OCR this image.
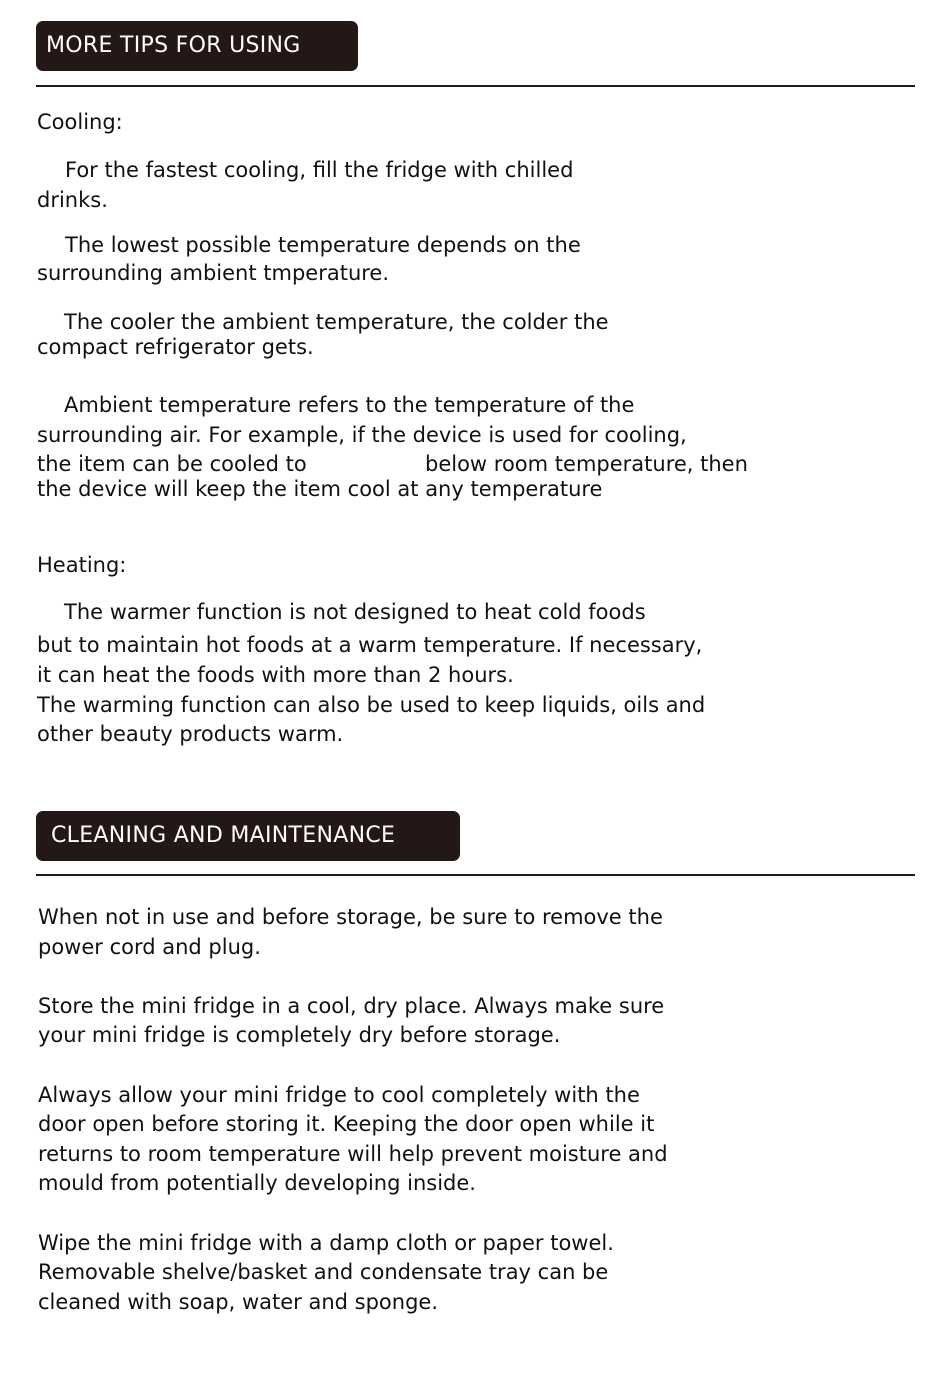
MORE TIPS FOR USING

Cooling:

For the fastest cooling, fill the fridge with chilled

drinks.

The lowest possible temperature depends on the

surrounding ambient tmperature.

The cooler the ambient temperature, the colder the

compact refrigerator gets.

Ambient temperature refers to the temperature of the

surrounding air. For example, if the device is used for cooling,

the item can be cooled to	below room temperature, then

the device will keep the item cool at any temperature

Heating:

The warmer function is not designed to heat cold foods

but to maintain hot foods at a warm temperature. If necessary,

it can heat the foods with more than 2 hours.

The warming function can also be used to keep liquids, oils and

other beauty products warm.

CLEANING AND MAINTENANCE

When not in use and before storage, be sure to remove the

power cord and plug.

Store the mini fridge in a cool, dry place. Always make sure

your mini fridge is completely dry before storage.

Always allow your mini fridge to cool completely with the

door open before storing it. Keeping the door open while it

returns to room temperature will help prevent moisture and

mould from potentially developing inside.

Wipe the mini fridge with a damp cloth or paper towel.

Removable shelve/basket and condensate tray can be

cleaned with soap, water and sponge.
